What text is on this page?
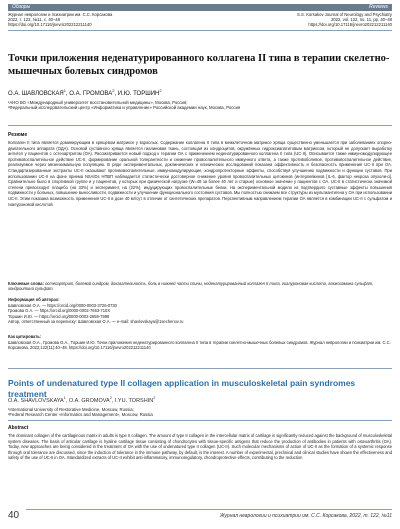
Обзоры	Reviews
Журнал неврологии и психиатрии им. С.С. Корсакова
2022, т. 122, №11, с. 40–48
https://doi.org/10.17116/jnevro202212211140
S.S. Korsakov Journal of Neurology and Psychiatry
2022, vol. 122, no. 11, pp. 40–48
https://doi.org/10.17116/jnevro202212211140
Точки приложения неденатурированного коллагена II типа в терапии скелетно-мышечных болевых синдромов
О.А. ШАВЛОВСКАЯ$^1$, О.А. ГРОМОВА$^2$, И.Ю. ТОРШИН$^2$
¹АНО ВО «Международный университет восстановительной медицины», Москва, Россия;
²Федеральный исследовательский центр «Информатика и управление» Российской академии наук, Москва, Россия
Резюме
Коллаген II типа является доминирующим в хрящевом матриксе у взрослых. Содержание коллагена II типа в межклеточном матриксе хряща существенно уменьшается при заболеваниях опорно-двигательного аппарата (ОДА). Основой суставного хряща является гиалиновая ткань, состоящая из хондроцитов, окружённых гидроксиапатитовым матриксом, который не допускает выработку антител у пациентов с остеоартритом (ОА). Рассматривается новый подход к терапии ОА с применением неденатурированного коллагена II типа (UC-II). Описывается также иммуномодулирующее противовоспалительное действие UC-II, формирование оральной толерантности и снижение провоспалительного иммунного ответа, а также противоболевое, противовоспалительное действие, реализуемое через мезенхимальную популяцию. В ряде экспериментальных, доклинических и клинических исследований показана эффективность и безопасность применения UC-II при ОА. Стандартизированные экстракты UC-II оказывают противовоспалительные, иммуномодулирующие, хондропротекторные эффекты, способствуя улучшению подвижности и функции суставов. При использовании UC-II на фоне приема NSAIDs НПВП наблюдается статистически достоверное снижение уровня провоспалительных цитокинов (интерлейкинов [IL-6, фактор некроза опухоли-α]. Сравнительно было в спортивной группе и у пациентов, у которых при физической нагрузке (W=48 за более 40 лет и старше) основное значение у пациентов с ОА. UC-II в статистически значимой степени превосходит плацебо (на 33%) и эксперимент, на (22%), индуцирующих провоспалительные белки. На экспериментальной модели из подтвердило суставные эффекты повышения подвижности у больных, повышение выносливости, подвижности и улучшение функционального состояния суставов. Мы полностью снижаем все структуры из мультиантигена у ОА при использовании UC-II. Этим показана возможность применения UC-II в дозе 40 мг/сут в отличие от синтетических препаратов. Перспективным направлением терапии ОА является в комбинации UC-II с сульфатом и гиалуроновой кислотой.
Ключевые слова: остеоартрит, болевой синдром, доказательность, боль в нижней части спины, неденатурированный коллаген II типа, гиалуроновая кислота, глюкозамина сульфат, хондроитина сульфат.
Информация об авторах:
Шавловская О.А. — https://orcid.org/0000-0003-3726-0730
Громова О.А. — https://orcid.org/0000-0002-7663-710X
Торшин И.Ю. — https://orcid.org/0000-0002-2659-7998
Автор, ответственный за переписку: Шавловская О.А. — e-mail: shavlovskaya@1sechenov.ru
Как цитировать:
Шавловская О.А., Громова О.А., Торшин И.Ю. Точки приложения неденатурированного коллагена II типа в терапии скелетно-мышечных болевых синдромов. Журнал неврологии и психиатрии им. С.С. Корсакова. 2022;122(11):40–48. https://doi.org/10.17116/jnevro202212211140
Points of undenatured type II collagen application in musculoskeletal pain syndromes treatment
O.A. SHAVLOVSKAYA$^1$, O.A. GROMOVA$^2$, I.YU. TORSHIN$^2$
¹International University of Restorative Medicine, Moscow, Russia;
²Federal Research Center «Informatics and Management», Moscow, Russia
Abstract
The dominant collagen of the cartilaginous matrix in adults is type II collagen. The amount of type II collagen in the intercellular matrix of cartilage is significantly reduced against the background of musculoskeletal system diseases. The basis of articular cartilage is hyaline cartilage tissue consisting of chondrocytes with tissue-specific antigens that reduce the production of antibodies in patients with osteoarthritis (OA). Today, new approaches are being considered in the treatment of OA with the use of undenatured type II collagen (UC-II). Such molecular mechanisms of action of UC-II as the formation of a systemic response through oral tolerance are discussed, since the induction of tolerance in the immune pathway, by default, is the interest. A number of experimental, preclinical and clinical studies have shown the effectiveness and safety of the use of UC-II in OA. Standardized extracts of UC-II exhibit anti-inflammatory, immunoregulatory, chondroprotective effects, contributing to the reduction
40	Журнал неврологии и психиатрии им. С.С. Корсакова, 2022, т. 122, №11
